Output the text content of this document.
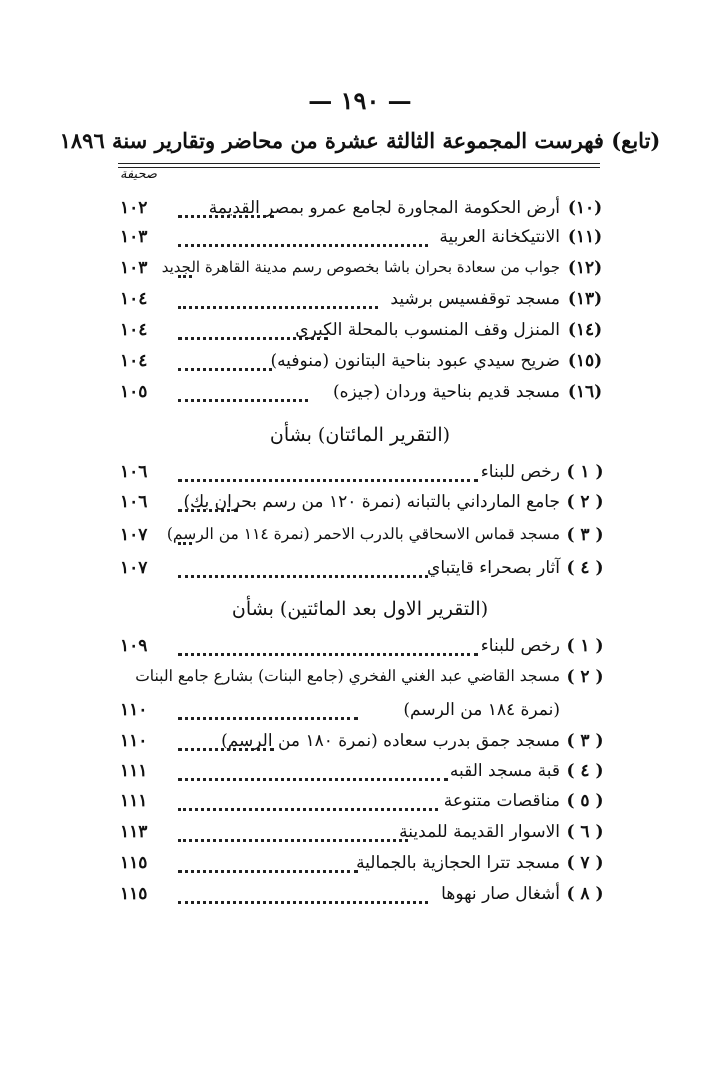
— ١٩٠ —
(تابع) فهرست المجموعة الثالثة عشرة من محاضر وتقارير سنة ١٨٩٦
صحيفة
(١٠)
أرض الحكومة المجاورة لجامع عمرو بمصر القديمة
١٠٢
(١١)
الانتيكخانة العربية
١٠٣
(١٢)
جواب من سعادة بحران باشا بخصوص رسم مدينة القاهرة الجديد
١٠٣
(١٣)
مسجد توقفسيس برشيد
١٠٤
(١٤)
المنزل وقف المنسوب بالمحلة الكبرى
١٠٤
(١٥)
ضريح سيدي عبود بناحية البتانون (منوفيه)
١٠٤
(١٦)
مسجد قديم بناحية وردان (جيزه)
١٠٥
(التقرير المائتان) بشأن
( ١ )
رخص للبناء
١٠٦
( ٢ )
جامع المارداني بالتبانه (نمرة ١٢٠ من رسم بحران بك)
١٠٦
( ٣ )
مسجد قماس الاسحاقي بالدرب الاحمر (نمرة ١١٤ من الرسم)
١٠٧
( ٤ )
آثار بصحراء قايتباي
١٠٧
(التقرير الاول بعد المائتين) بشأن
( ١ )
رخص للبناء
١٠٩
( ٢ )
مسجد القاضي عبد الغني الفخري (جامع البنات) بشارع جامع البنات
(نمرة ١٨٤ من الرسم)
١١٠
( ٣ )
مسجد جمق بدرب سعاده (نمرة ١٨٠ من الرسم)
١١٠
( ٤ )
قبة مسجد القبه
١١١
( ٥ )
مناقصات متنوعة
١١١
( ٦ )
الاسوار القديمة للمدينة
١١٣
( ٧ )
مسجد تترا الحجازية بالجمالية
١١٥
( ٨ )
أشغال صار نهوها
١١٥
